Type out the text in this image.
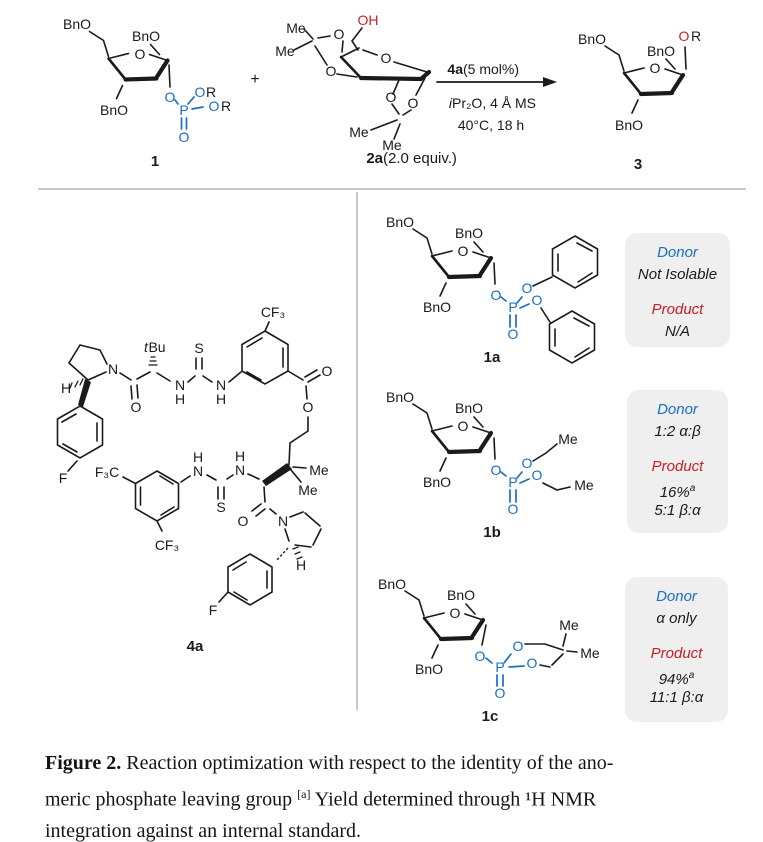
BnO
BnO
O
BnO
O
P
O R
O R
O
1
OH
Me
Me
O
O
O
O O
Me
Me
2a (2.0 equiv.)
+
4a (5 mol%)
i Pr₂O, 4 Å MS
40°C, 18 h
BnO
BnO
O
BnO
O R
3
H
t Bu S
N
H
N
H
CF₃
O
O
O
N
F F₃C
H
N
H
N
S
O N
Me
Me
H
F
CF₃
4a
BnO
BnO
O
BnO
O
P
O
O
O
1a
BnO
BnO
O
BnO
O
P
O
O
O
Me
Me
1b
BnO
BnO
O
BnO
O
P
O
O
O
Me
Me
1c
Donor
Not Isolable
Product
N/A
Donor
1:2 α:β
Product
16%$^a$
5:1 β:α
Donor
α only
Product
94%$^a$
11:1 β:α
Figure 2. Reaction optimization with respect to the identity of the ano-
meric phosphate leaving group [a] Yield determined through ¹H NMR
integration against an internal standard.
